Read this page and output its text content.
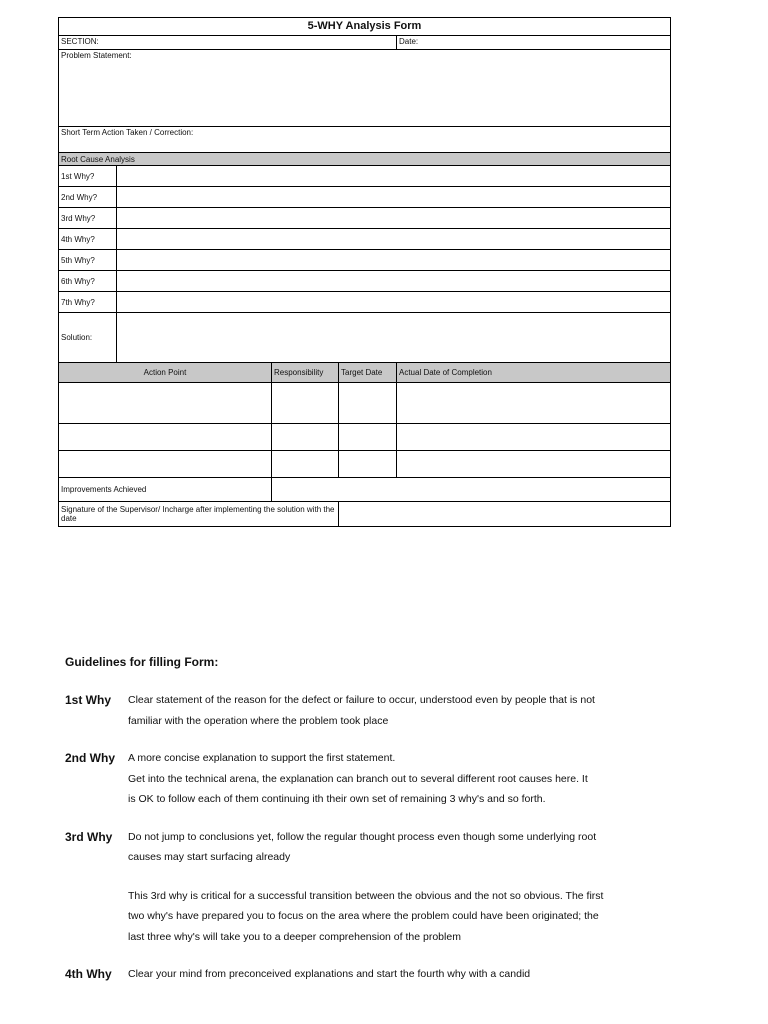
5-WHY Analysis Form
SECTION:	Date:
Problem Statement:
Short Term Action Taken / Correction:
Root Cause Analysis
1st Why?
2nd Why?
3rd Why?
4th Why?
5th Why?
6th Why?
7th Why?
Solution:
Action Point	Responsibility	Target Date	Actual Date of Completion
Improvements Achieved
Signature of the Supervisor/ Incharge after implementing the solution with the date

Guidelines for filling Form:

1st Why	Clear statement of the reason for the defect or failure to occur, understood even by people that is not familiar with the operation where the problem took place

2nd Why	A more concise explanation to support the first statement.

Get into the technical arena, the explanation can branch out to several different root causes here. It is OK to follow each of them continuing ith their own set of remaining 3 why's and so forth.

3rd Why	Do not jump to conclusions yet, follow the regular thought process even though some underlying root causes may start surfacing already

This 3rd why is critical for a successful transition between the obvious and the not so obvious. The first two why's have prepared you to focus on the area where the problem could have been originated; the last three why's will take you to a deeper comprehension of the problem

4th Why	Clear your mind from preconceived explanations and start the fourth why with a candid
